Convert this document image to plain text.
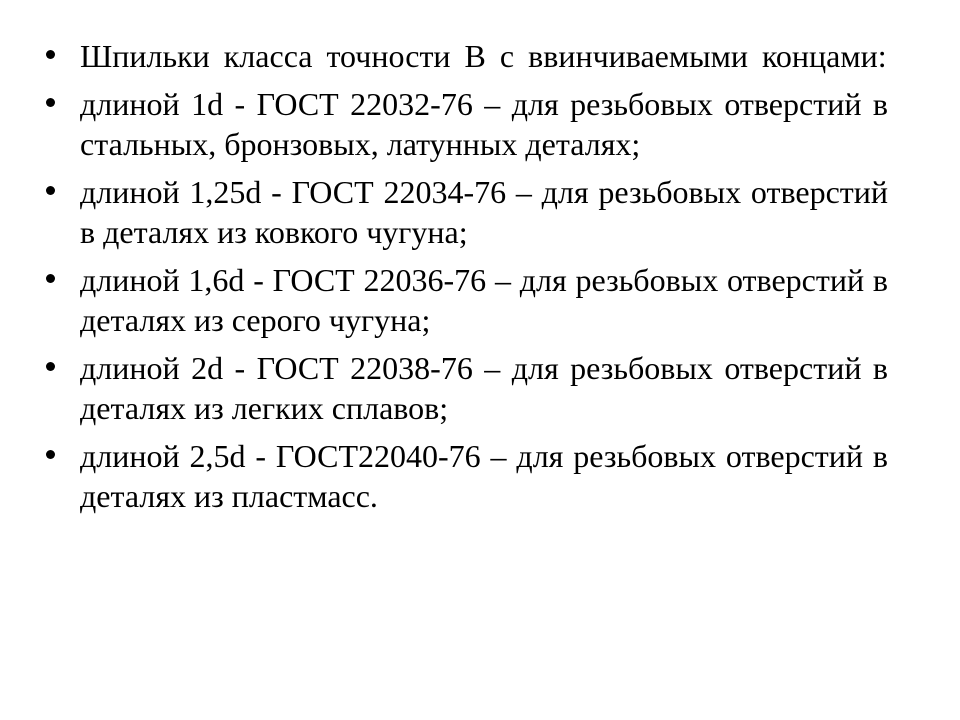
Шпильки класса точности В с ввинчиваемыми концами:
длиной 1d - ГОСТ 22032-76 – для резьбовых отверстий в стальных, бронзовых, латунных деталях;
длиной 1,25d - ГОСТ 22034-76 – для резьбовых отверстий в деталях из ковкого чугуна;
длиной 1,6d - ГОСТ 22036-76 – для резьбовых отверстий в деталях из серого чугуна;
длиной 2d - ГОСТ 22038-76 – для резьбовых отверстий в деталях из легких сплавов;
длиной 2,5d - ГОСТ22040-76 – для резьбовых отверстий в деталях из пластмасс.
